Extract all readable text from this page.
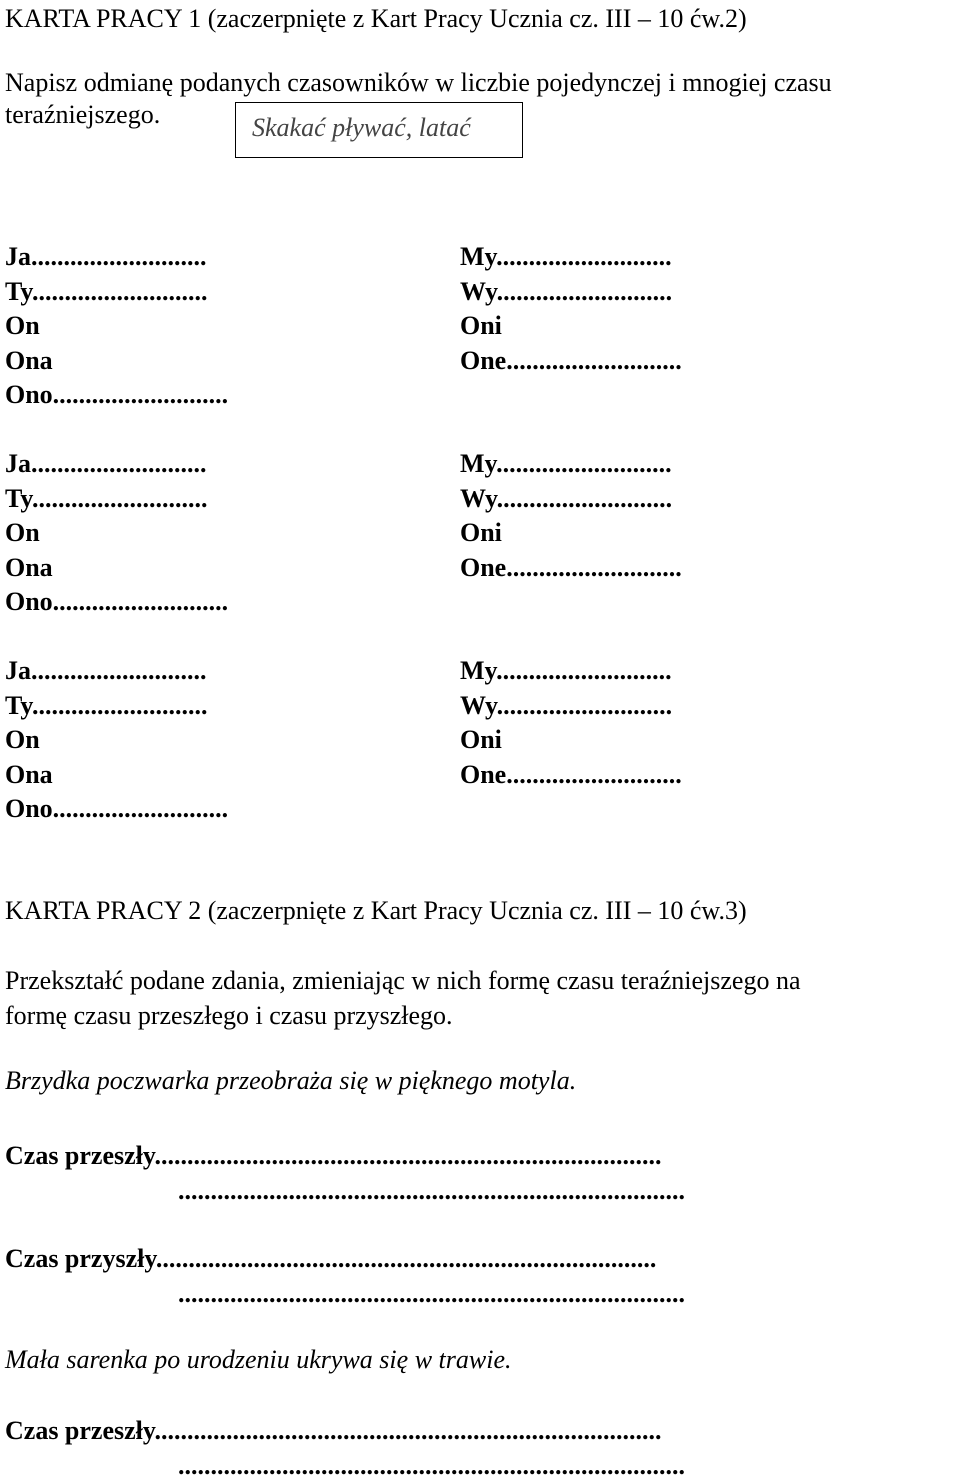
KARTA PRACY 1 (zaczerpnięte z Kart Pracy Ucznia cz. III – 10 ćw.2)
Napisz odmianę podanych czasowników w liczbie pojedynczej i mnogiej czasu
teraźniejszego.	Skakać pływać, latać
Ja...........................
Ty...........................
On
Ona
Ono...........................
My...........................
Wy...........................
Oni
One...........................
Ja...........................
Ty...........................
On
Ona
Ono...........................
My...........................
Wy...........................
Oni
One...........................
Ja...........................
Ty...........................
On
Ona
Ono...........................
My...........................
Wy...........................
Oni
One...........................
KARTA PRACY 2 (zaczerpnięte z Kart Pracy Ucznia cz. III – 10 ćw.3)
Przekształć podane zdania, zmieniając w nich formę czasu teraźniejszego na
formę czasu przeszłego i czasu przyszłego.
Brzydka poczwarka przeobraża się w pięknego motyla.
Czas przeszły..............................................................................
..............................................................................
Czas przyszły.............................................................................
..............................................................................
Mała sarenka po urodzeniu ukrywa się w trawie.
Czas przeszły..............................................................................
..............................................................................
